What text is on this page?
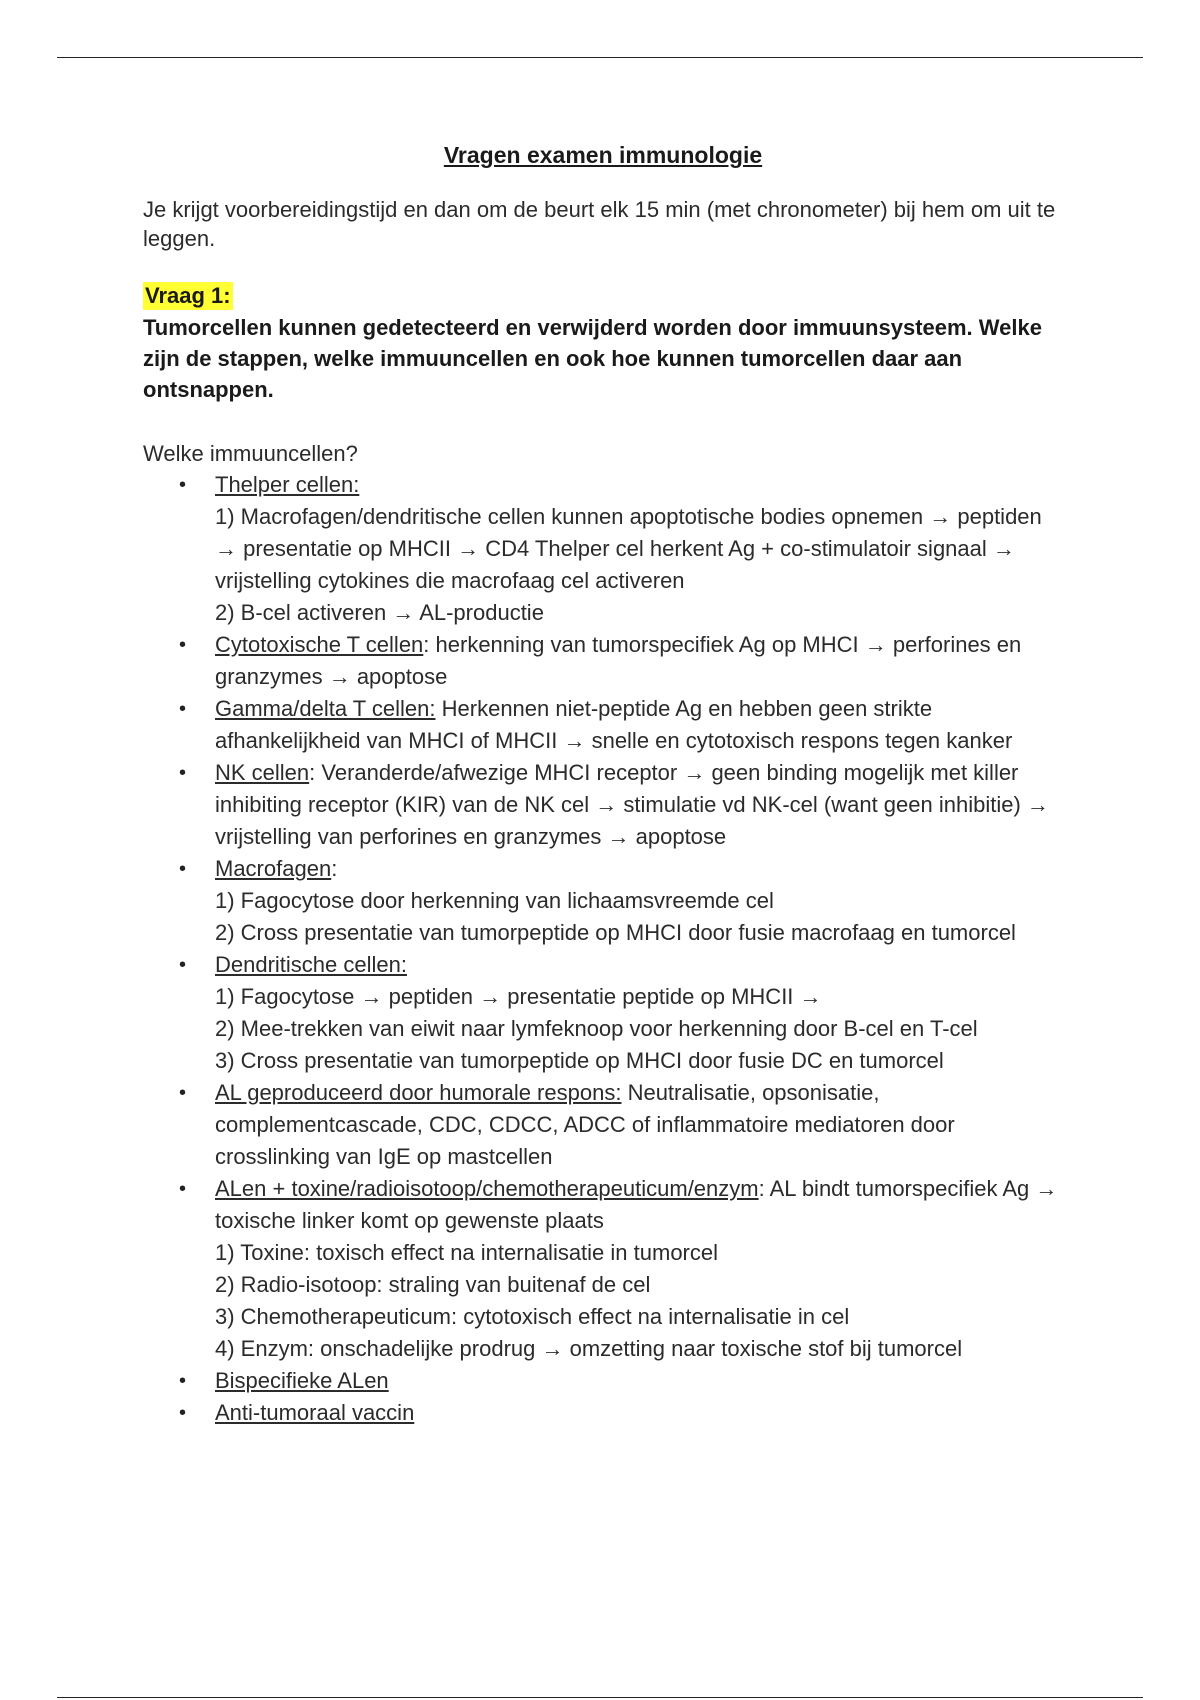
Vragen examen immunologie

Je krijgt voorbereidingstijd en dan om de beurt elk 15 min (met chronometer) bij hem om uit te leggen.

Vraag 1:

Tumorcellen kunnen gedetecteerd en verwijderd worden door immuunsysteem. Welke zijn de stappen, welke immuuncellen en ook hoe kunnen tumorcellen daar aan ontsnappen.

Welke immuuncellen?

• Thelper cellen:
1) Macrofagen/dendritische cellen kunnen apoptotische bodies opnemen → peptiden → presentatie op MHCII → CD4 Thelper cel herkent Ag + co-stimulatoir signaal → vrijstelling cytokines die macrofaag cel activeren
2) B-cel activeren → AL-productie
• Cytotoxische T cellen: herkenning van tumorspecifiek Ag op MHCI → perforines en granzymes → apoptose
• Gamma/delta T cellen: Herkennen niet-peptide Ag en hebben geen strikte afhankelijkheid van MHCI of MHCII → snelle en cytotoxisch respons tegen kanker
• NK cellen: Veranderde/afwezige MHCI receptor → geen binding mogelijk met killer inhibiting receptor (KIR) van de NK cel → stimulatie vd NK-cel (want geen inhibitie) → vrijstelling van perforines en granzymes → apoptose
• Macrofagen:
1) Fagocytose door herkenning van lichaamsvreemde cel
2) Cross presentatie van tumorpeptide op MHCI door fusie macrofaag en tumorcel
• Dendritische cellen:
1) Fagocytose → peptiden → presentatie peptide op MHCII →
2) Mee-trekken van eiwit naar lymfeknoop voor herkenning door B-cel en T-cel
3) Cross presentatie van tumorpeptide op MHCI door fusie DC en tumorcel
• AL geproduceerd door humorale respons: Neutralisatie, opsonisatie, complementcascade, CDC, CDCC, ADCC of inflammatoire mediatoren door crosslinking van IgE op mastcellen
• ALen + toxine/radioisotoop/chemotherapeuticum/enzym: AL bindt tumorspecifiek Ag → toxische linker komt op gewenste plaats
1) Toxine: toxisch effect na internalisatie in tumorcel
2) Radio-isotoop: straling van buitenaf de cel
3) Chemotherapeuticum: cytotoxisch effect na internalisatie in cel
4) Enzym: onschadelijke prodrug → omzetting naar toxische stof bij tumorcel
• Bispecifieke ALen
• Anti-tumoraal vaccin
